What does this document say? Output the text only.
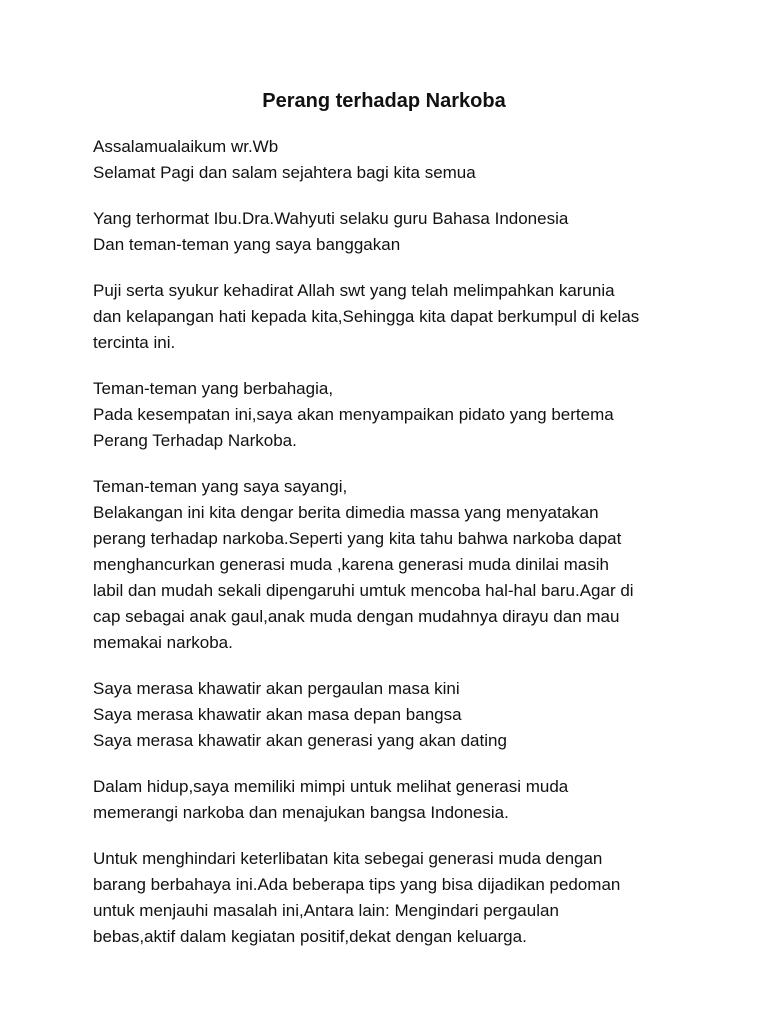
Perang terhadap Narkoba

Assalamualaikum wr.Wb
Selamat Pagi dan salam sejahtera bagi kita semua

Yang terhormat Ibu.Dra.Wahyuti selaku guru Bahasa Indonesia
Dan teman-teman yang saya banggakan

Puji serta syukur kehadirat Allah swt yang telah melimpahkan karunia
dan kelapangan hati kepada kita,Sehingga kita dapat berkumpul di kelas
tercinta ini.

Teman-teman yang berbahagia,
Pada kesempatan ini,saya akan menyampaikan pidato yang bertema
Perang Terhadap Narkoba.

Teman-teman yang saya sayangi,
Belakangan ini kita dengar berita dimedia massa yang menyatakan
perang terhadap narkoba.Seperti yang kita tahu bahwa narkoba dapat
menghancurkan generasi muda ,karena generasi muda dinilai masih
labil dan mudah sekali dipengaruhi umtuk mencoba hal-hal baru.Agar di
cap sebagai anak gaul,anak muda dengan mudahnya dirayu dan mau
memakai narkoba.

Saya merasa khawatir akan pergaulan masa kini
Saya merasa khawatir akan masa depan bangsa
Saya merasa khawatir akan generasi yang akan dating

Dalam hidup,saya memiliki mimpi untuk melihat generasi muda
memerangi narkoba dan menajukan bangsa Indonesia.

Untuk menghindari keterlibatan kita sebegai generasi muda dengan
barang berbahaya ini.Ada beberapa tips yang bisa dijadikan pedoman
untuk menjauhi masalah ini,Antara lain: Mengindari pergaulan
bebas,aktif dalam kegiatan positif,dekat dengan keluarga.
